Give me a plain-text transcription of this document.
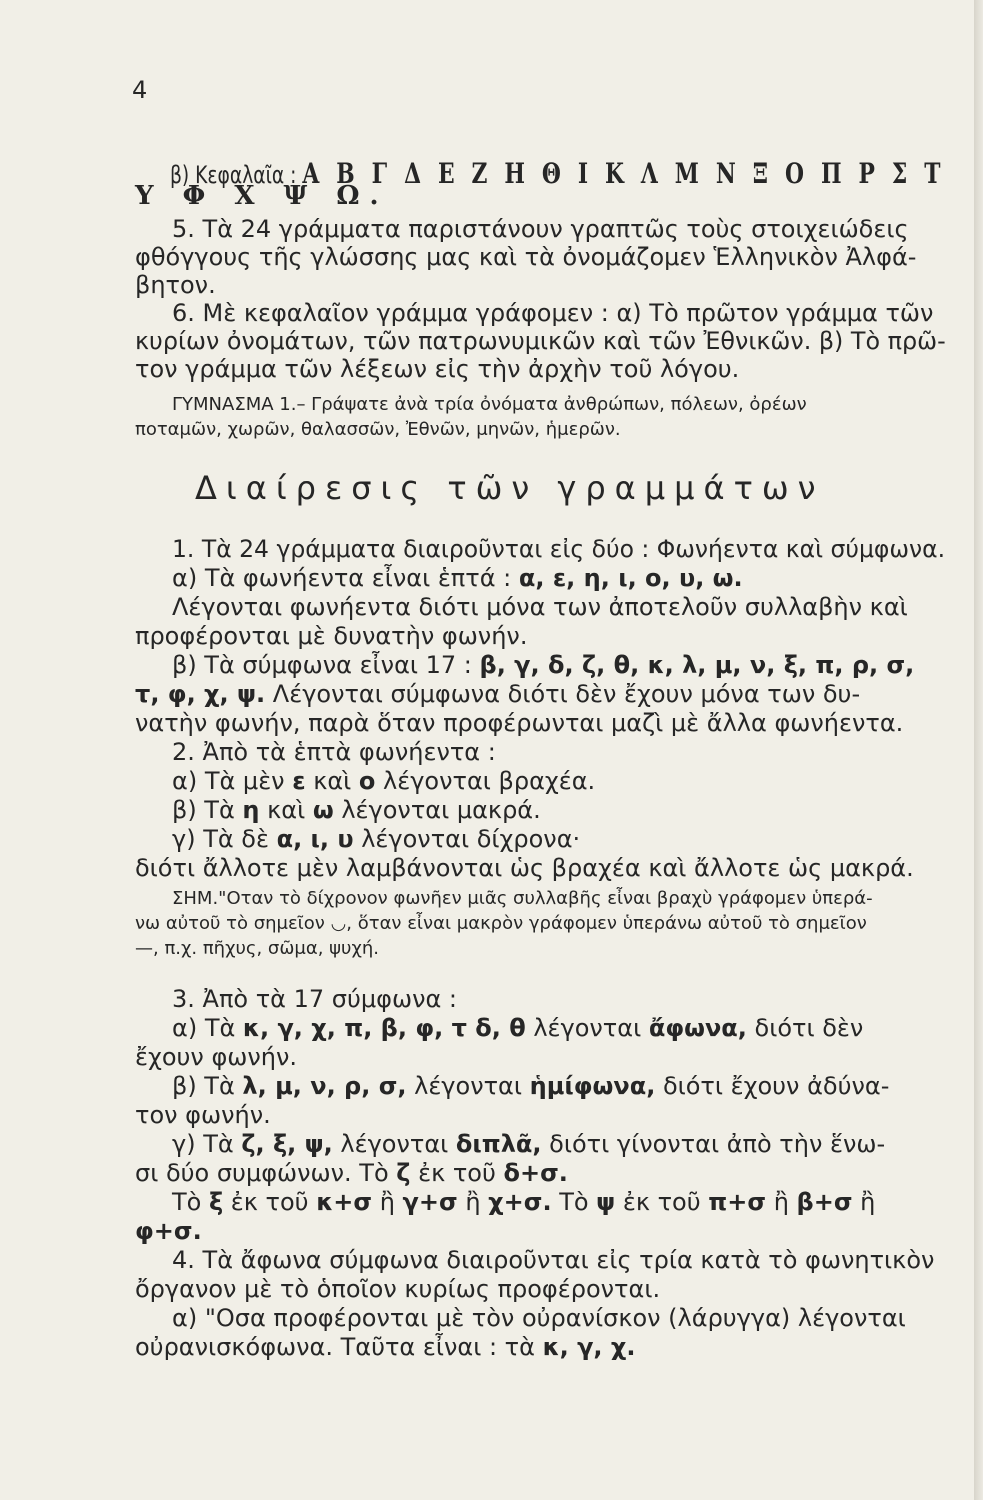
4
β) Κεφαλαῖα : Α Β Γ Δ Ε Ζ Η Θ Ι Κ Λ Μ Ν Ξ Ο Π Ρ Σ Τ
Υ Φ Χ Ψ Ω.
5. Τὰ 24 γράμματα παριστάνουν γραπτῶς τοὺς στοιχειώδεις
φθόγγους τῆς γλώσσης μας καὶ τὰ ὀνομάζομεν Ἑλληνικὸν Ἀλφά-
βητον.
6. Μὲ κεφαλαῖον γράμμα γράφομεν : α) Τὸ πρῶτον γράμμα τῶν
κυρίων ὀνομάτων, τῶν πατρωνυμικῶν καὶ τῶν Ἐθνικῶν. β) Τὸ πρῶ-
τον γράμμα τῶν λέξεων εἰς τὴν ἀρχὴν τοῦ λόγου.
ΓΥΜΝΑΣΜΑ 1.– Γράψατε ἀνὰ τρία ὀνόματα ἀνθρώπων, πόλεων, ὀρέων
ποταμῶν, χωρῶν, θαλασσῶν, Ἐθνῶν, μηνῶν, ἡμερῶν.
Διαίρεσις τῶν γραμμάτων
1. Τὰ 24 γράμματα διαιροῦνται εἰς δύο : Φωνήεντα καὶ σύμφωνα.
α) Τὰ φωνήεντα εἶναι ἑπτά : α, ε, η, ι, ο, υ, ω.
Λέγονται φωνήεντα διότι μόνα των ἀποτελοῦν συλλαβὴν καὶ
προφέρονται μὲ δυνατὴν φωνήν.
β) Τὰ σύμφωνα εἶναι 17 : β, γ, δ, ζ, θ, κ, λ, μ, ν, ξ, π, ρ, σ,
τ, φ, χ, ψ. Λέγονται σύμφωνα διότι δὲν ἔχουν μόνα των δυ-
νατὴν φωνήν, παρὰ ὅταν προφέρωνται μαζὶ μὲ ἄλλα φωνήεντα.
2. Ἀπὸ τὰ ἑπτὰ φωνήεντα :
α) Τὰ μὲν ε καὶ ο λέγονται βραχέα.
β) Τὰ η καὶ ω λέγονται μακρά.
γ) Τὰ δὲ α, ι, υ λέγονται δίχρονα·
διότι ἄλλοτε μὲν λαμβάνονται ὡς βραχέα καὶ ἄλλοτε ὡς μακρά.
ΣΗΜ."Οταν τὸ δίχρονον φωνῆεν μιᾶς συλλαβῆς εἶναι βραχὺ γράφομεν ὑπερά-
νω αὐτοῦ τὸ σημεῖον ◡, ὅταν εἶναι μακρὸν γράφομεν ὑπεράνω αὐτοῦ τὸ σημεῖον
—, π.χ. πῆχυς, σῶμα, ψυχή.
3. Ἀπὸ τὰ 17 σύμφωνα :
α) Τὰ κ, γ, χ, π, β, φ, τ δ, θ λέγονται ἄφωνα, διότι δὲν
ἔχουν φωνήν.
β) Τὰ λ, μ, ν, ρ, σ, λέγονται ἡμίφωνα, διότι ἔχουν ἀδύνα-
τον φωνήν.
γ) Τὰ ζ, ξ, ψ, λέγονται διπλᾶ, διότι γίνονται ἀπὸ τὴν ἕνω-
σι δύο συμφώνων. Τὸ ζ ἐκ τοῦ δ+σ.
Τὸ ξ ἐκ τοῦ κ+σ ἢ γ+σ ἢ χ+σ. Τὸ ψ ἐκ τοῦ π+σ ἢ β+σ ἢ
φ+σ.
4. Τὰ ἄφωνα σύμφωνα διαιροῦνται εἰς τρία κατὰ τὸ φωνητικὸν
ὄργανον μὲ τὸ ὁποῖον κυρίως προφέρονται.
α) "Οσα προφέρονται μὲ τὸν οὐρανίσκον (λάρυγγα) λέγονται
οὐρανισκόφωνα. Ταῦτα εἶναι : τὰ κ, γ, χ.
